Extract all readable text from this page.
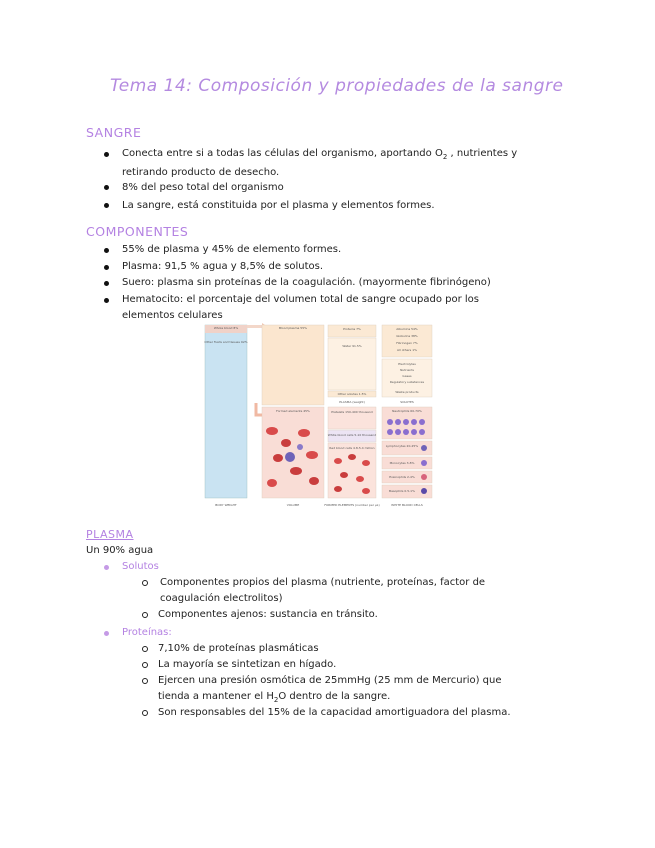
Tema 14: Composición y propiedades de la sangre
SANGRE
Conecta entre si a todas las células del organismo, aportando $O_2$ , nutrientes y
retirando producto de desecho.
8% del peso total del organismo
La sangre, está constituida por el plasma y elementos formes.
COMPONENTES
55% de plasma y 45% de elemento formes.
Plasma: 91,5 % agua y 8,5% de solutos.
Suero: plasma sin proteínas de la coagulación. (mayormente fibrinógeno)
Hematocito: el porcentaje del volumen total de sangre ocupado por los
elementos celulares
Whole blood 8%
Other fluids and tissues 92%
Blood plasma 55%
Formed elements 45%
Proteins 7%
Water 91.5%
Other solutes 1.5%
PLASMA (weight)
Albumins 54%
Globulins 38%
Fibrinogen 7%
All others 1%
Electrolytes
Nutrients
Gases
Regulatory substances
Waste products
SOLUTES
Platelets 150-400 thousand
White blood cells 5-10 thousand
Red blood cells 4.8-5.4 million
Neutrophils 60-70%
Lymphocytes 20-25%
Monocytes 3-8%
Eosinophils 2-4%
Basophils 0.5-1%
BODY WEIGHT	VOLUME	FORMED ELEMENTS (number per µL)	WHITE BLOOD CELLS
PLASMA
Un 90% agua
Solutos
Componentes propios del plasma (nutriente, proteínas, factor de
coagulación electrolitos)
Componentes ajenos: sustancia en tránsito.
Proteínas:
7,10% de proteínas plasmáticas
La mayoría se sintetizan en hígado.
Ejercen una presión osmótica de 25mmHg (25 mm de Mercurio) que
tienda a mantener el $H_2O$ dentro de la sangre.
Son responsables del 15% de la capacidad amortiguadora del plasma.
